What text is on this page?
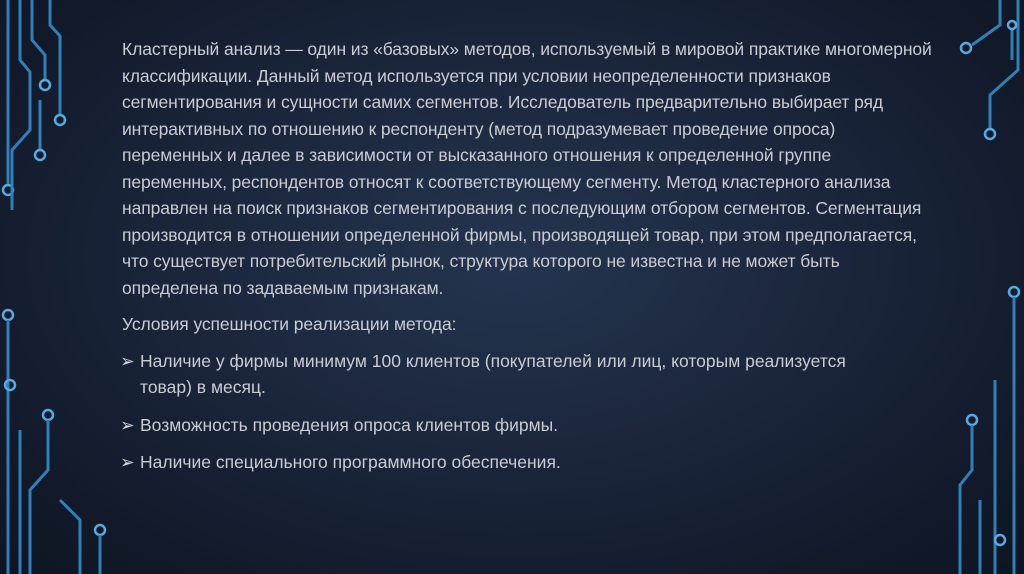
Кластерный анализ — один из «базовых» методов, используемый в мировой практике многомерной классификации. Данный метод используется при условии неопределенности признаков сегментирования и сущности самих сегментов. Исследователь предварительно выбирает ряд интерактивных по отношению к респонденту (метод подразумевает проведение опроса) переменных и далее в зависимости от высказанного отношения к определенной группе переменных, респондентов относят к соответствующему сегменту. Метод кластерного анализа направлен на поиск признаков сегментирования с последующим отбором сегментов. Сегментация производится в отношении определенной фирмы, производящей товар, при этом предполагается, что существует потребительский рынок, структура которого не известна и не может быть определена по задаваемым признакам.

Условия успешности реализации метода:

➢ Наличие у фирмы минимум 100 клиентов (покупателей или лиц, которым реализуется товар) в месяц.
➢ Возможность проведения опроса клиентов фирмы.
➢ Наличие специального программного обеспечения.
